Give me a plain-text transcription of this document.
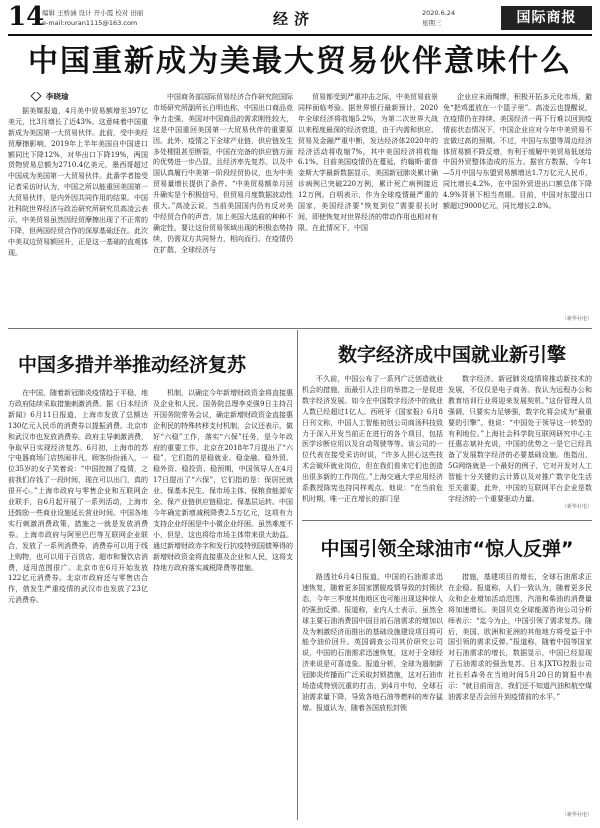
14
编辑 王桥涵 设计 开小霞 校对 田丽
e-mail:rouran1115@163.com	经济	2020.6.24
星期三	国际商报
中国重新成为美最大贸易伙伴意味什么

李晓瑜

据美媒报道，4月美中贸易额增至397亿美元，比3月增长了近43%。这意味着中国重新成为美国第一大贸易伙伴。此前，受中美经贸摩擦影响，2019年上半年美国自中国进口额同比下降12%，对华出口下降19%，两国货物贸易总额为2710.4亿美元，墨西哥超过中国成为美国第一大贸易伙伴。此番学者接受记者采访时认为，中国之所以能重回美国第一大贸易伙伴，是内外因共同作用的结果。中国社科院世界经济与政治研究所研究员高凌云表示，中美贸易虽然因经贸摩擦出现了不正常的下降，但两国经贸合作的深厚基础还在。此次中美双边贸易额回升，正是这一基础的直观体现。

中国商务部国际贸易经济合作研究院国际市场研究所副所长白明也称，中国出口商品竞争力走强，美国对中国商品的需求刚性较大，这是中国重回美国第一大贸易伙伴的重要原因。此外，疫情之下全球产业链、供应链发生多处梗阻甚至断裂，中国在完备的供应链方面的优势进一步凸显，且经济率先复苏，以及中国认真履行中美第一阶段经贸协议，也为中美贸易量增长提供了条件。“中美贸易额单月回升确实是个积极信号，但贸易月度数据波动性很大。”高凌云说，当前美国国内仍有反对美中经贸合作的声音，加上美国大选前的种种不确定性，要让这份贸易领域出现的积极态势持续，仍需双方共同努力，相向而行。在疫情仍在扩散，全球经济与

贸易都受到严重冲击之际，中美贸易前景同样面临考验。据世界银行最新预计，2020年全球经济将收缩5.2%，为第二次世界大战以来程度最深的经济衰退，由于内需和供应、贸易及金融严重中断，发达经济体2020年的经济活动将收缩7%，其中美国经济将收缩6.1%。目前美国疫情仍在蔓延，约翰斯·霍普金斯大学最新数据显示，美国新冠肺炎累计确诊病例已突破220万例，累计死亡病例接近12万例。白明表示，作为全球疫情最严重的国家，美国经济要“恢复到位”需要很长时间，即使恢复对世界经济的带动作用也相对有限。在此情况下，中国

企业应未雨绸缪，积极开拓多元化市场，避免“把鸡蛋放在一个篮子里”。高凌云也提醒说，在疫情仍在持续、美国经济一再下行难以回到疫情前状态情况下，中国企业应对今年中美贸易不宜做过高的预期。不过，中国与东盟等周边经济体贸易额不降反增，有利于缓解中美贸易低迷给中国外贸整体造成的压力。据官方数据，今年1—5月中国与东盟贸易额增达1.7万亿元人民币，同比增长4.2%，在中国外贸进出口额总体下降4.9%背景下相当亮眼。目前，中国对东盟出口额超过9000亿元，同比增长2.8%。

（新华社电）
中国多措并举推动经济复苏	数字经济成中国就业新引擎

在中国，随着新冠肺炎疫情趋于平稳，地方政府陆续采取措施刺激消费。据《日本经济新闻》6月11日报道，上海市发放了总额达130亿元人民币的消费券以提振消费。北京市和武汉市也发放消费券。政府主导刺激消费，争取早日实现经济复苏。6月初，上海市的苏宁电器商场门店热闹非凡，顾客纷纷涌入，一位35岁的女子笑着说：“中国控制了疫情，之前我们存钱了一段时间，现在可以出门，真的很开心。”上海市政府与零售企业和互联网企业联手，自6月起开展了一系列活动，上海市还鼓励一些商业设施延长营业时间。中国各地实行刺激消费政策，措施之一就是发放消费券。上海市政府与阿里巴巴等互联网企业联合，发放了一系列消费券，消费券可以用于线上购物，也可以用于百货店、超市和餐饮店消费，适用范围很广。北京市在6月开始发放122亿元消费券。北京市政府还与零售店合作，借发生严重疫情的武汉市也发放了23亿元消费券。

机制，以确定今年新增财政资金将直接惠及企业和人民。国务院总理李克强9日主持召开国务院常务会议，确定新增财政资金直接惠企利民的特殊转移支付机制，会议还表示，做好“六稳”工作，落实“六保”任务，是今年政府的重要工作。北京在2018年7月提出了“六稳”，它们指的是稳就业、稳金融、稳外贸、稳外资、稳投资、稳预期，中国领导人在4月17日提出了“六保”，它们指的是：保居民就业、保基本民生、保市场主体、保粮食能源安全、保产业链供应链稳定、保基层运转。中国今年确定新增减税降费2.5万亿元，这项有力支持企业纾困是中小微企业纾困。虽然难度不小，但是，这也将给市场主体带来很大助益。通过新增财政赤字和发行抗疫特别国债筹得的新增财政资金将直接惠及企业和人民，这将支持地方政府落实减税降费等措施。

不久前，中国公布了一系列广泛创造就业机会的措施，而最引人注目的举措之一是促进数字经济发展。如今在中国数字经济中的就业人数已经超过1亿人。西班牙《国家报》6月8日刊文称，中国人工智能初创公司商汤科技致力于深入开发当前正在进行的各个项目，包括医学诊断应用以及自动驾驶等等。该公司的一位代表在接受采访时说，“许多人担心这些技术会破坏就业岗位，但在我们看来它们也创造出很多新的工作岗位。”上海交通大学应用经济系教授陈宪也持同样观点。他说：“在当前危机时期，唯一正在增长的部门是

数字经济。新冠肺炎疫情将推动新技术的发展，不仅仅是电子商务。我认为远程办公和教育培训行业将迎来发展契机。”这份管理人员强调，只要实力足够强，数字化将会成为“最重要的引擎”。他说：“中国处于领导这一转型的有利地位。”上海社会科学院互联网研究中心主任惠志斌补充说，中国的优势之一是它已经具备了发展数字经济的必要基础设施。他指出，5G网络就是一个最好的例子，它对开发对人工智能十分关键的云计算以及对推广数字化生活至关重要，此外，中国的互联网平台企业是数字经济的一个重要驱动力量。

（新华社电）
中国引领全球油市“惊人反弹”

路透社6月4日报道，中国的石油需求迅速恢复，随着更多国家摆脱疫情导致的封锁状态，今年三季度其他地区也可能出现这种惊人的强劲反弹。报道称，业内人士表示，虽然全球主要石油消费国中国目前石油需求的增加以及为刺激经济而推出的基础设施建设项目将可能令油价回升。英国调查公司其价研究公司说，中国的石油需求迅速恢复，这对于全球经济来说是可喜迹象。报道分析，全球为遏制新冠肺炎传播而广泛采取封锁措施，这对石油市场造成特别沉重的打击，到4月中旬，全球石油需求量下降，导致各地石油等燃料的库存猛增。报道认为，随着各国放松封锁

措施，基建项目的增长，全球石油需求正在企稳。报道称，人们一致认为，随着更多民众和企业增加活动范围，汽油和柴油的消费量将加速增长。美国贝克全球能源咨询公司分析师表示：“迄今为止，中国引领了需求复苏。随后，美国、欧洲和亚洲的其他地方将受益于中国引领的需求反弹。”报道称，随着中国等国家对石油需求的增长，数据显示，中国已经显现了石油需求的强劲复苏。日本JXTG控股公司社长杉森务在当地时间5月20日的简报中表示：“就目前而言，我们还不知道汽油和航空煤油需求是否会回升到疫情前的水平。”

（新华社电）
